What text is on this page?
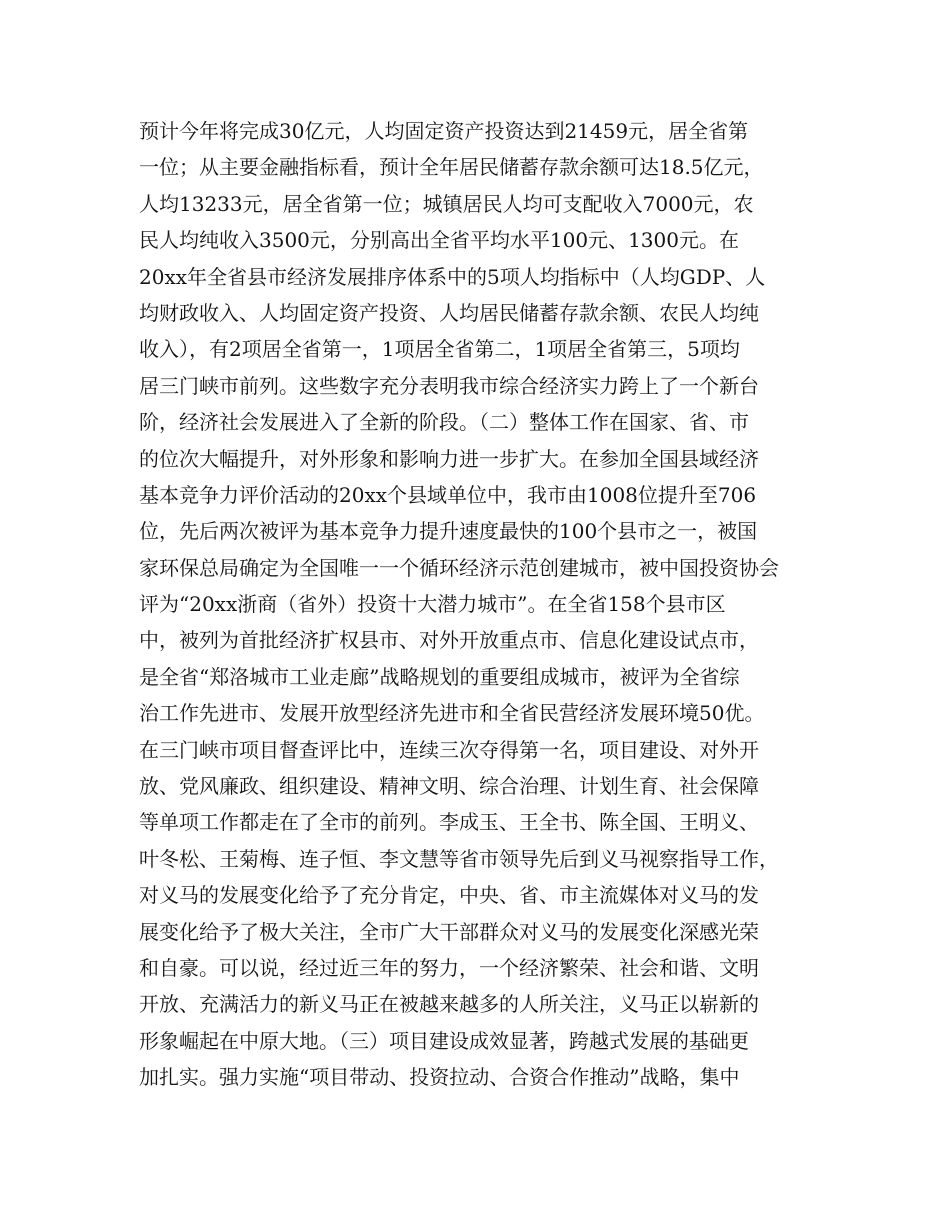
预计今年将完成30亿元，人均固定资产投资达到21459元，居全省第
一位；从主要金融指标看，预计全年居民储蓄存款余额可达18.5亿元，
人均13233元，居全省第一位；城镇居民人均可支配收入7000元，农
民人均纯收入3500元，分别高出全省平均水平100元、1300元。在
20xx年全省县市经济发展排序体系中的5项人均指标中（人均GDP、人
均财政收入、人均固定资产投资、人均居民储蓄存款余额、农民人均纯
收入），有2项居全省第一，1项居全省第二，1项居全省第三，5项均
居三门峡市前列。这些数字充分表明我市综合经济实力跨上了一个新台
阶，经济社会发展进入了全新的阶段。（二）整体工作在国家、省、市
的位次大幅提升，对外形象和影响力进一步扩大。在参加全国县域经济
基本竞争力评价活动的20xx个县域单位中，我市由1008位提升至706
位，先后两次被评为基本竞争力提升速度最快的100个县市之一，被国
家环保总局确定为全国唯一一个循环经济示范创建城市，被中国投资协会
评为“20xx浙商（省外）投资十大潜力城市”。在全省158个县市区
中，被列为首批经济扩权县市、对外开放重点市、信息化建设试点市，
是全省“郑洛城市工业走廊”战略规划的重要组成城市，被评为全省综
治工作先进市、发展开放型经济先进市和全省民营经济发展环境50优。
在三门峡市项目督查评比中，连续三次夺得第一名，项目建设、对外开
放、党风廉政、组织建设、精神文明、综合治理、计划生育、社会保障
等单项工作都走在了全市的前列。李成玉、王全书、陈全国、王明义、
叶冬松、王菊梅、连子恒、李文慧等省市领导先后到义马视察指导工作，
对义马的发展变化给予了充分肯定，中央、省、市主流媒体对义马的发
展变化给予了极大关注，全市广大干部群众对义马的发展变化深感光荣
和自豪。可以说，经过近三年的努力，一个经济繁荣、社会和谐、文明
开放、充满活力的新义马正在被越来越多的人所关注，义马正以崭新的
形象崛起在中原大地。（三）项目建设成效显著，跨越式发展的基础更
加扎实。强力实施“项目带动、投资拉动、合资合作推动”战略，集中
